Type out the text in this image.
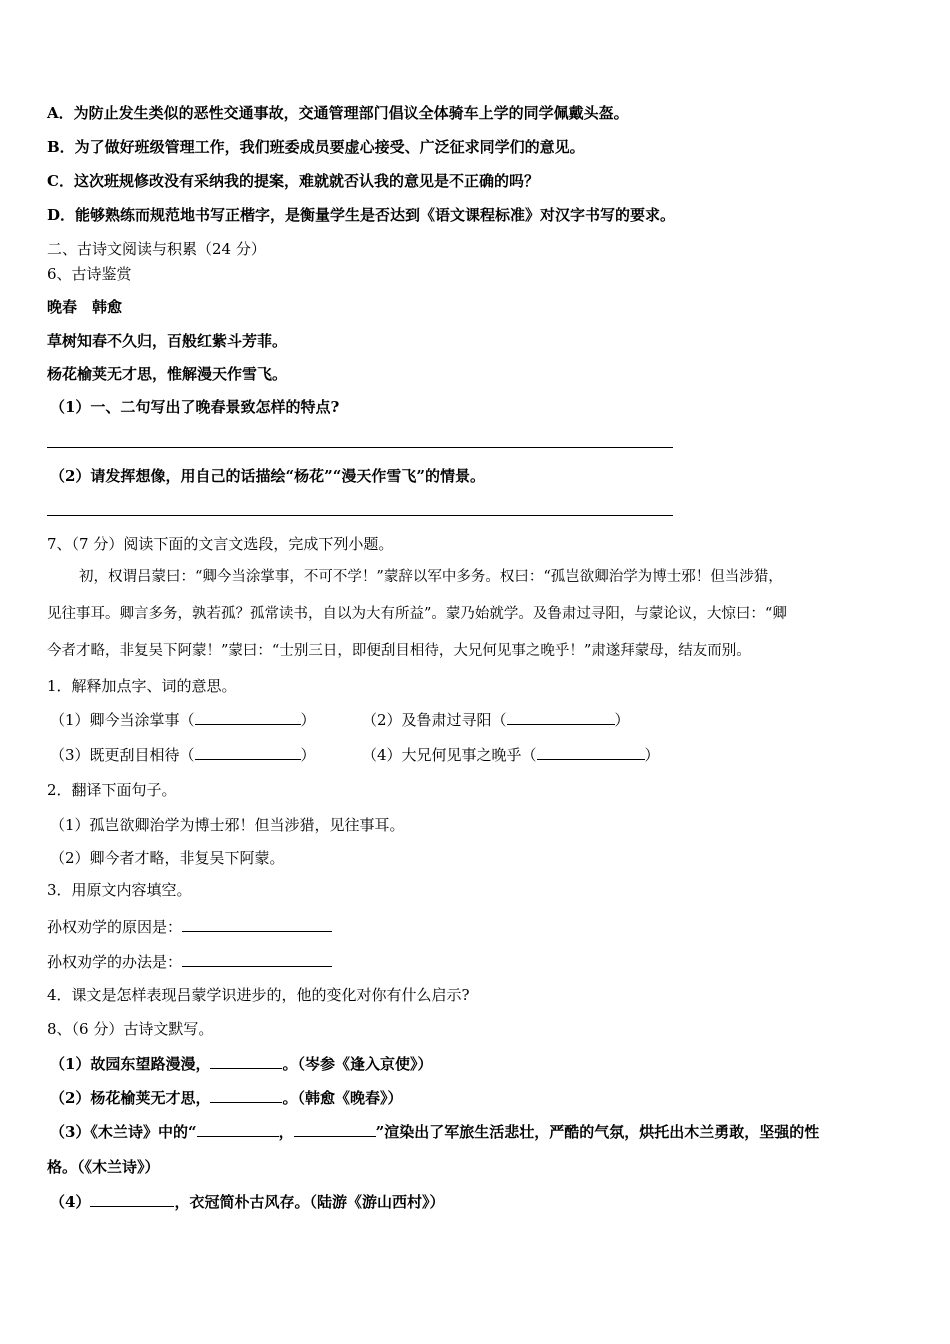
A．为防止发生类似的恶性交通事故，交通管理部门倡议全体骑车上学的同学佩戴头盔。
B．为了做好班级管理工作，我们班委成员要虚心接受、广泛征求同学们的意见。
C．这次班规修改没有采纳我的提案，难就就否认我的意见是不正确的吗？
D．能够熟练而规范地书写正楷字，是衡量学生是否达到《语文课程标准》对汉字书写的要求。
二、古诗文阅读与积累（24 分）
6、古诗鉴赏
晚春　韩愈
草树知春不久归，百般红紫斗芳菲。
杨花榆荚无才思，惟解漫天作雪飞。
（1）一、二句写出了晚春景致怎样的特点?
（2）请发挥想像，用自己的话描绘“杨花”“漫天作雪飞”的情景。
7、（7 分）阅读下面的文言文选段，完成下列小题。
初，权谓吕蒙曰：“卿今当涂掌事，不可不学！”蒙辞以军中多务。权曰：“孤岂欲卿治学为博士邪！但当涉猎，
见往事耳。卿言多务，孰若孤？孤常读书，自以为大有所益”。蒙乃始就学。及鲁肃过寻阳，与蒙论议，大惊曰：“卿
今者才略，非复吴下阿蒙！”蒙曰：“士别三日，即便刮目相待，大兄何见事之晚乎！”肃遂拜蒙母，结友而别。
1．解释加点字、词的意思。
（1）卿今当涂掌事（	）	（2）及鲁肃过寻阳（	）
（3）既更刮目相待（	）	（4）大兄何见事之晚乎（	）
2．翻译下面句子。
（1）孤岂欲卿治学为博士邪！但当涉猎，见往事耳。
（2）卿今者才略，非复吴下阿蒙。
3．用原文内容填空。
孙权劝学的原因是：
孙权劝学的办法是：
4．课文是怎样表现吕蒙学识进步的，他的变化对你有什么启示?
8、（6 分）古诗文默写。
（1）故园东望路漫漫，	。（岑参《逢入京使》）
（2）杨花榆荚无才思，	。（韩愈《晚春》）
（3）《木兰诗》中的“	，	”渲染出了军旅生活悲壮，严酷的气氛，烘托出木兰勇敢，坚强的性
格。（《木兰诗》）
（4）	，衣冠简朴古风存。（陆游《游山西村》）
